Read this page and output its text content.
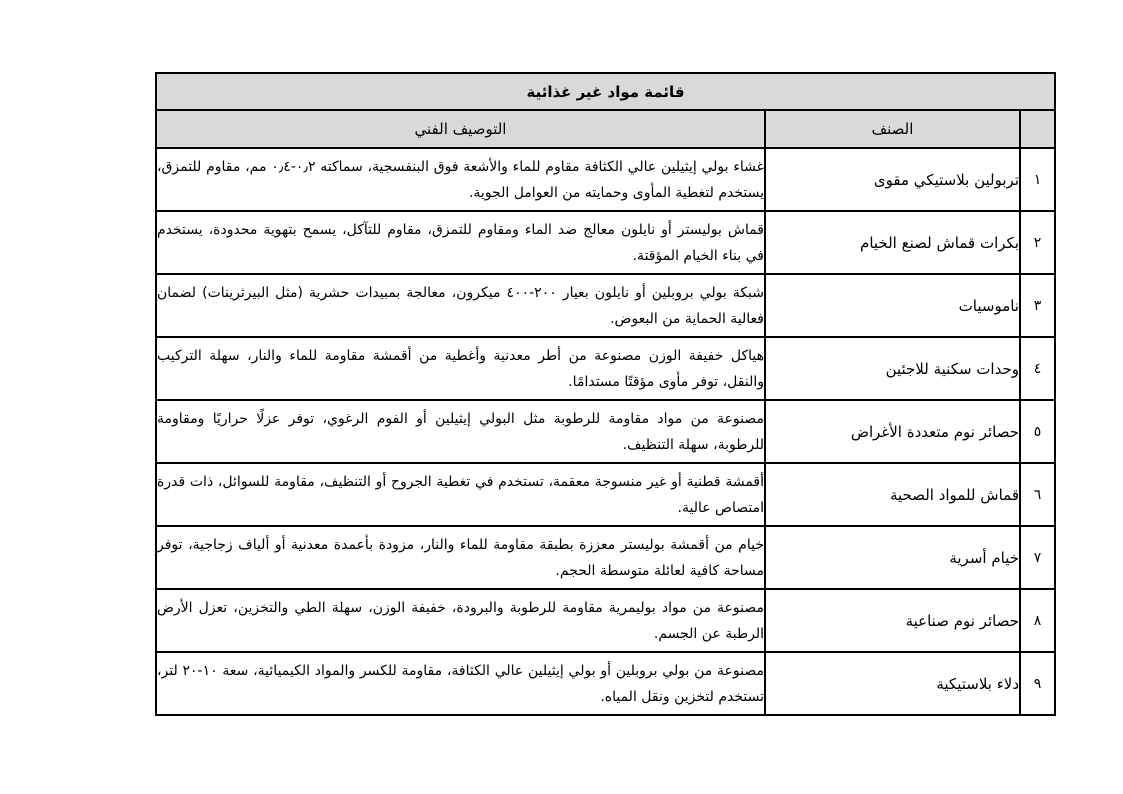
قائمة مواد غير غذائية		
	الصنف	التوصيف الفني
١	تربولين بلاستيكي مقوى	غشاء بولي إيثيلين عالي الكثافة مقاوم للماء والأشعة فوق البنفسجية، سماكته ٠٫٢-٠٫٤ مم، مقاوم للتمزق، يستخدم لتغطية المأوى وحمايته من العوامل الجوية.
٢	بكرات قماش لصنع الخيام	قماش بوليستر أو نايلون معالج ضد الماء ومقاوم للتمزق، مقاوم للتآكل، يسمح بتهوية محدودة، يستخدم في بناء الخيام المؤقتة.
٣	ناموسيات	شبكة بولي بروبلين أو نايلون بعيار ٢٠٠-٤٠٠ ميكرون، معالجة بمبيدات حشرية (مثل البيرثرينات) لضمان فعالية الحماية من البعوض.
٤	وحدات سكنية للاجئين	هياكل خفيفة الوزن مصنوعة من أطر معدنية وأغطية من أقمشة مقاومة للماء والنار، سهلة التركيب والنقل، توفر مأوى مؤقتًا مستدامًا.
٥	حصائر نوم متعددة الأغراض	مصنوعة من مواد مقاومة للرطوبة مثل البولي إيثيلين أو الفوم الرغوي، توفر عزلًا حراريًا ومقاومة للرطوبة، سهلة التنظيف.
٦	قماش للمواد الصحية	أقمشة قطنية أو غير منسوجة معقمة، تستخدم في تغطية الجروح أو التنظيف، مقاومة للسوائل، ذات قدرة امتصاص عالية.
٧	خيام أسرية	خيام من أقمشة بوليستر معززة بطبقة مقاومة للماء والنار، مزودة بأعمدة معدنية أو ألياف زجاجية، توفر مساحة كافية لعائلة متوسطة الحجم.
٨	حصائر نوم صناعية	مصنوعة من مواد بوليمرية مقاومة للرطوبة والبرودة، خفيفة الوزن، سهلة الطي والتخزين، تعزل الأرض الرطبة عن الجسم.
٩	دلاء بلاستيكية	مصنوعة من بولي بروبلين أو بولي إيثيلين عالي الكثافة، مقاومة للكسر والمواد الكيميائية، سعة ١٠-٢٠ لتر، تستخدم لتخزين ونقل المياه.
